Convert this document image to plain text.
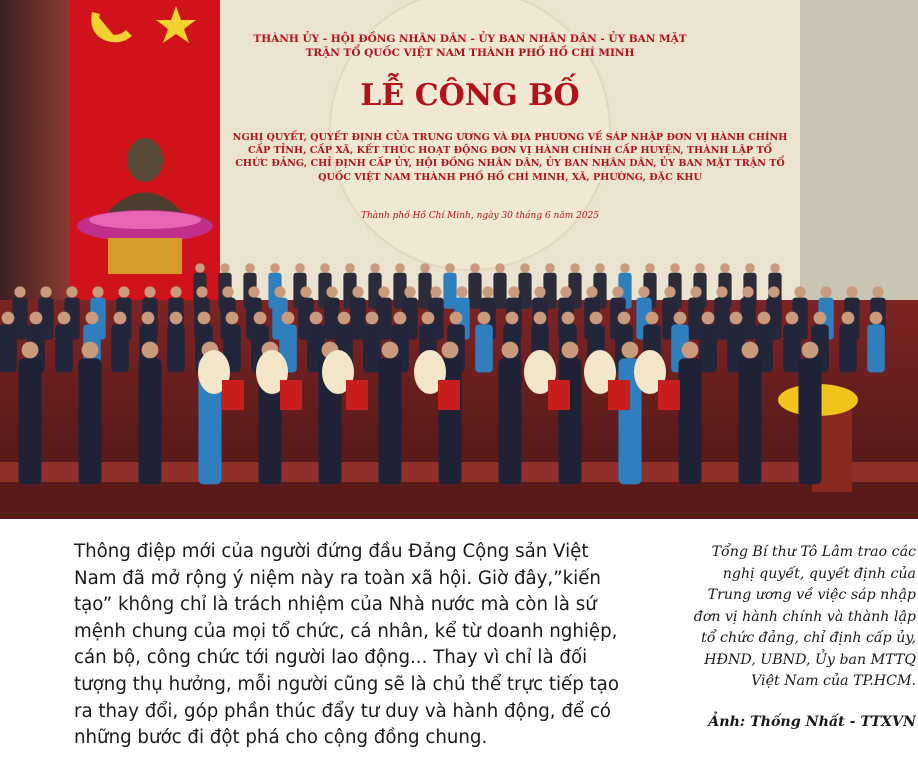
THÀNH ỦY - HỘI ĐỒNG NHÂN DÂN - ỦY BAN NHÂN DÂN - ỦY BAN MẶT TRẬN TỔ QUỐC VIỆT NAM THÀNH PHỐ HỒ CHÍ MINH
LỄ CÔNG BỐ
NGHỊ QUYẾT, QUYẾT ĐỊNH CỦA TRUNG ƯƠNG VÀ ĐỊA PHƯƠNG VỀ SÁP NHẬP ĐƠN VỊ HÀNH CHÍNH CẤP TỈNH, CẤP XÃ, KẾT THÚC HOẠT ĐỘNG ĐƠN VỊ HÀNH CHÍNH CẤP HUYỆN, THÀNH LẬP TỔ CHỨC ĐẢNG, CHỈ ĐỊNH CẤP ỦY, HỘI ĐỒNG NHÂN DÂN, ỦY BAN NHÂN DÂN, ỦY BAN MẶT TRẬN TỔ QUỐC VIỆT NAM THÀNH PHỐ HỒ CHÍ MINH, XÃ, PHƯỜNG, ĐẶC KHU
Thành phố Hồ Chí Minh, ngày 30 tháng 6 năm 2025

Thông điệp mới của người đứng đầu Đảng Cộng sản Việt Nam đã mở rộng ý niệm này ra toàn xã hội. Giờ đây,”kiến tạo” không chỉ là trách nhiệm của Nhà nước mà còn là sứ mệnh chung của mọi tổ chức, cá nhân, kể từ doanh nghiệp, cán bộ, công chức tới người lao động... Thay vì chỉ là đối tượng thụ hưởng, mỗi người cũng sẽ là chủ thể trực tiếp tạo ra thay đổi, góp phần thúc đẩy tư duy và hành động, để có những bước đi đột phá cho cộng đồng chung.

Tổng Bí thư Tô Lâm trao các nghị quyết, quyết định của Trung ương về việc sáp nhập đơn vị hành chính và thành lập tổ chức đảng, chỉ định cấp ủy, HĐND, UBND, Ủy ban MTTQ Việt Nam của TP.HCM.
Ảnh: Thống Nhất - TTXVN
